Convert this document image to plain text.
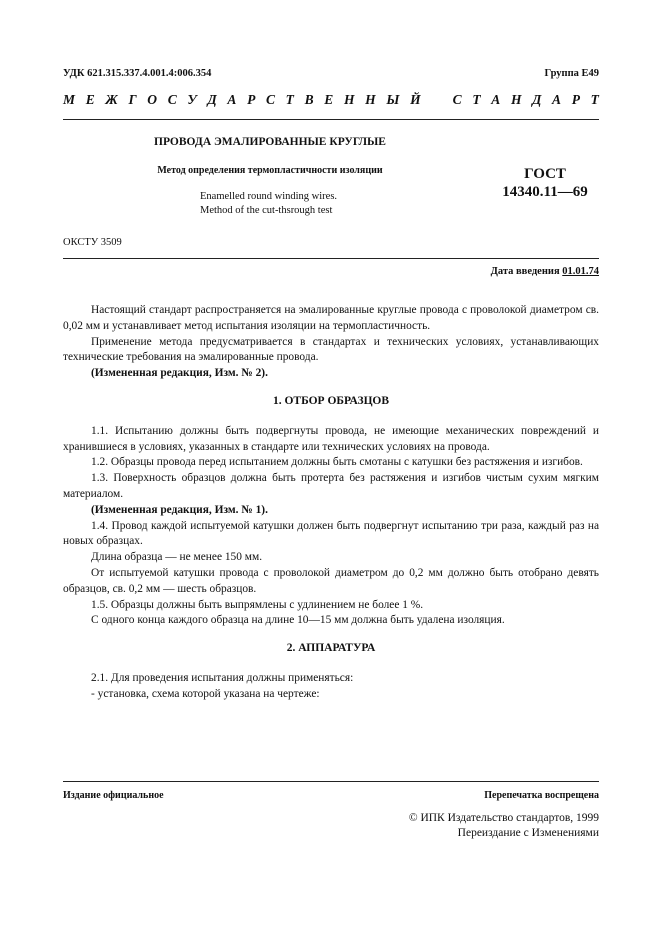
УДК 621.315.337.4.001.4:006.354	Группа Е49
М Е Ж Г О С У Д А Р С Т В Е Н Н Ы Й С Т А Н Д А Р Т
ПРОВОДА ЭМАЛИРОВАННЫЕ КРУГЛЫЕ
Метод определения термопластичности изоляции
Enamelled round winding wires.
Method of the cut-thsrough test
ГОСТ
14340.11—69
ОКСТУ 3509
Дата введения 01.01.74

Настоящий стандарт распространяется на эмалированные круглые провода с проволокой диаметром св. 0,02 мм и устанавливает метод испытания изоляции на термопластичность.

Применение метода предусматривается в стандартах и технических условиях, устанавливающих технические требования на эмалированные провода.

(Измененная редакция, Изм. № 2).

1. ОТБОР ОБРАЗЦОВ

1.1. Испытанию должны быть подвергнуты провода, не имеющие механических повреждений и хранившиеся в условиях, указанных в стандарте или технических условиях на провода.

1.2. Образцы провода перед испытанием должны быть смотаны с катушки без растяжения и изгибов.

1.3. Поверхность образцов должна быть протерта без растяжения и изгибов чистым сухим мягким материалом.

(Измененная редакция, Изм. № 1).

1.4. Провод каждой испытуемой катушки должен быть подвергнут испытанию три раза, каждый раз на новых образцах.

Длина образца — не менее 150 мм.

От испытуемой катушки провода с проволокой диаметром до 0,2 мм должно быть отобрано девять образцов, св. 0,2 мм — шесть образцов.

1.5. Образцы должны быть выпрямлены с удлинением не более 1 %.

С одного конца каждого образца на длине 10—15 мм должна быть удалена изоляция.

2. АППАРАТУРА

2.1. Для проведения испытания должны применяться:

- установка, схема которой указана на чертеже:

Издание официальное	Перепечатка воспрещена
© ИПК Издательство стандартов, 1999
Переиздание с Изменениями
